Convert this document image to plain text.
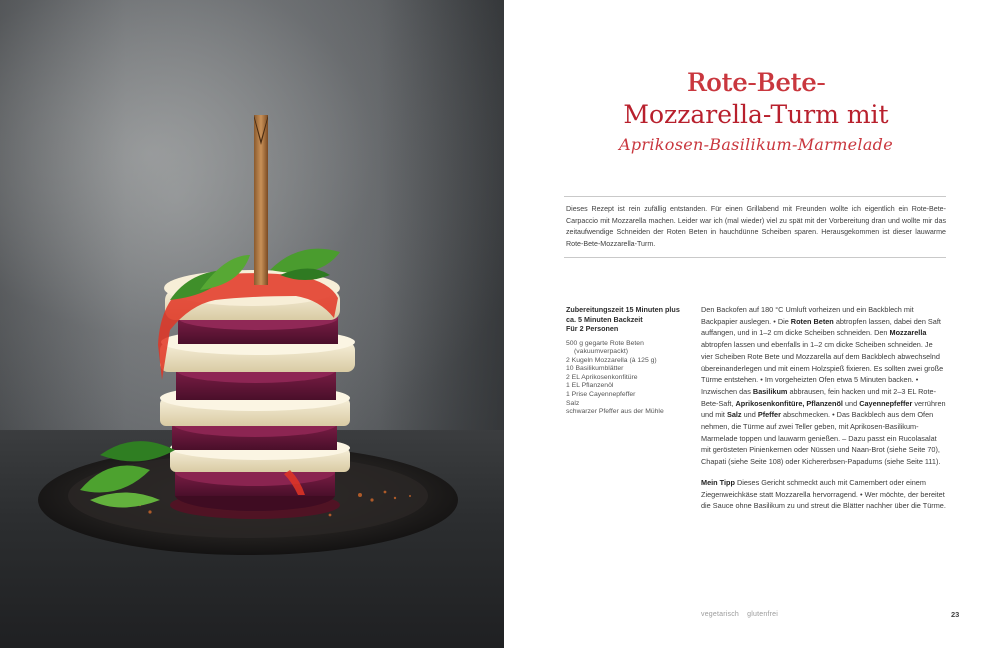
Rote-Bete-
Mozzarella-Turm mit
Aprikosen-Basilikum-Marmelade
Dieses Rezept ist rein zufällig entstanden. Für einen Grillabend mit Freunden wollte ich eigentlich ein Rote-Bete-Carpaccio mit Mozzarella machen. Leider war ich (mal wieder) viel zu spät mit der Vorbereitung dran und wollte mir das zeitaufwendige Schneiden der Roten Beten in hauchdünne Scheiben sparen. Herausgekommen ist dieser lauwarme Rote-Bete-Mozzarella-Turm.
Zubereitungszeit 15 Minuten plus
ca. 5 Minuten Backzeit
Für 2 Personen
500 g gegarte Rote Beten
(vakuumverpackt)
2 Kugeln Mozzarella (à 125 g)
10 Basilikumblätter
2 EL Aprikosenkonfitüre
1 EL Pflanzenöl
1 Prise Cayennepfeffer
Salz
schwarzer Pfeffer aus der Mühle

Den Backofen auf 180 °C Umluft vorheizen und ein Backblech mit Backpapier auslegen. • Die Roten Beten abtropfen lassen, dabei den Saft auffangen, und in 1–2 cm dicke Scheiben schneiden. Den Mozzarella abtropfen lassen und ebenfalls in 1–2 cm dicke Scheiben schneiden. Je vier Scheiben Rote Bete und Mozzarella auf dem Backblech abwechselnd übereinanderlegen und mit einem Holzspieß fixieren. Es sollten zwei große Türme entstehen. • Im vorgeheizten Ofen etwa 5 Minuten backen. • Inzwischen das Basilikum abbrausen, fein hacken und mit 2–3 EL Rote-Bete-Saft, Aprikosenkonfitüre, Pflanzenöl und Cayennepfeffer verrühren und mit Salz und Pfeffer abschmecken. • Das Backblech aus dem Ofen nehmen, die Türme auf zwei Teller geben, mit Aprikosen-Basilikum-Marmelade toppen und lauwarm genießen. – Dazu passt ein Rucolasalat mit gerösteten Pinienkernen oder Nüssen und Naan-Brot (siehe Seite 70), Chapati (siehe Seite 108) oder Kichererbsen-Papadums (siehe Seite 111).

Mein Tipp Dieses Gericht schmeckt auch mit Camembert oder einem Ziegenweichkäse statt Mozzarella hervorragend. • Wer möchte, der bereitet die Sauce ohne Basilikum zu und streut die Blätter nachher über die Türme.

vegetarisch glutenfrei	23
